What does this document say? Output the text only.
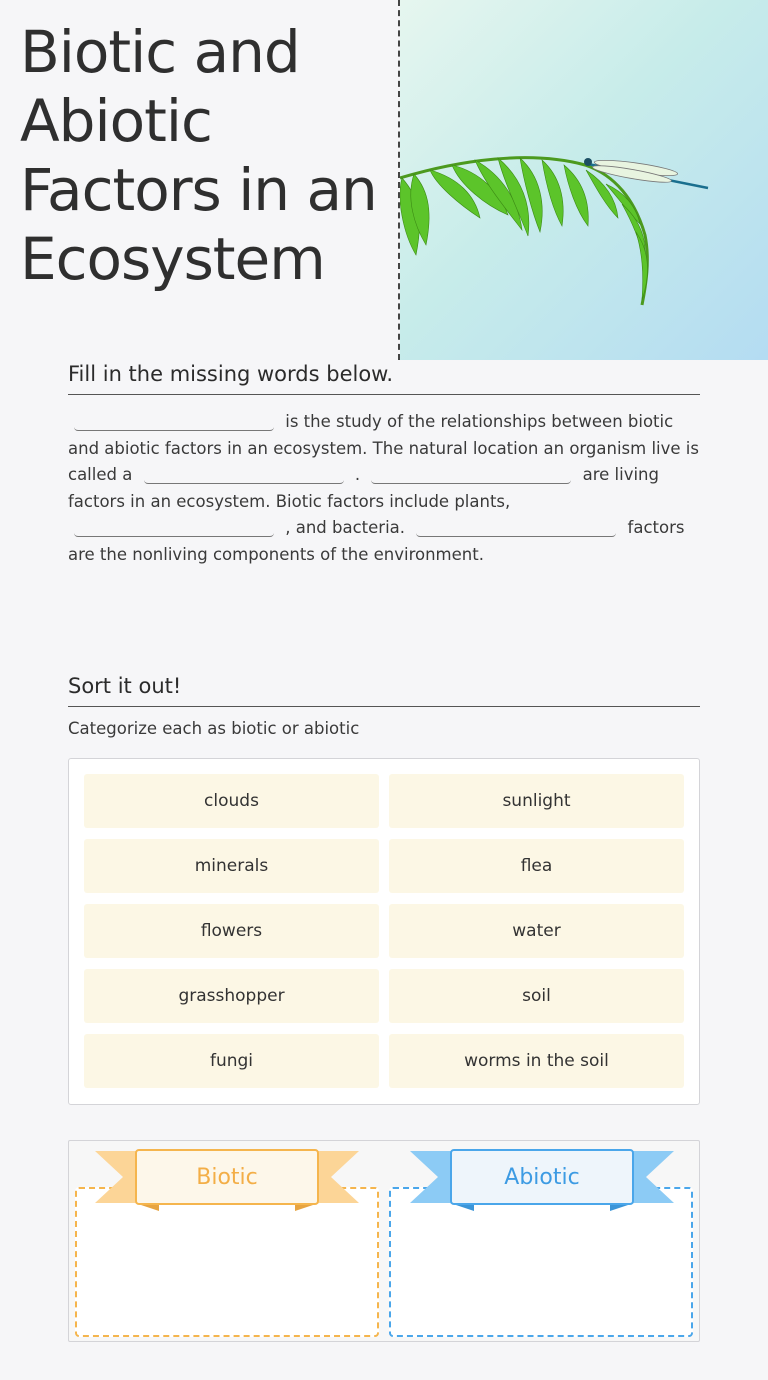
Biotic and Abiotic Factors in an Ecosystem
Fill in the missing words below.
is the study of the relationships between biotic and abiotic factors in an ecosystem. The natural location an organism live is called a	.	are living factors in an ecosystem. Biotic factors include plants,  , and bacteria.	factors are the nonliving components of the environment.
Sort it out!
Categorize each as biotic or abiotic
clouds	sunlight
minerals	flea
flowers	water
grasshopper	soil
fungi	worms in the soil
Biotic	Abiotic
